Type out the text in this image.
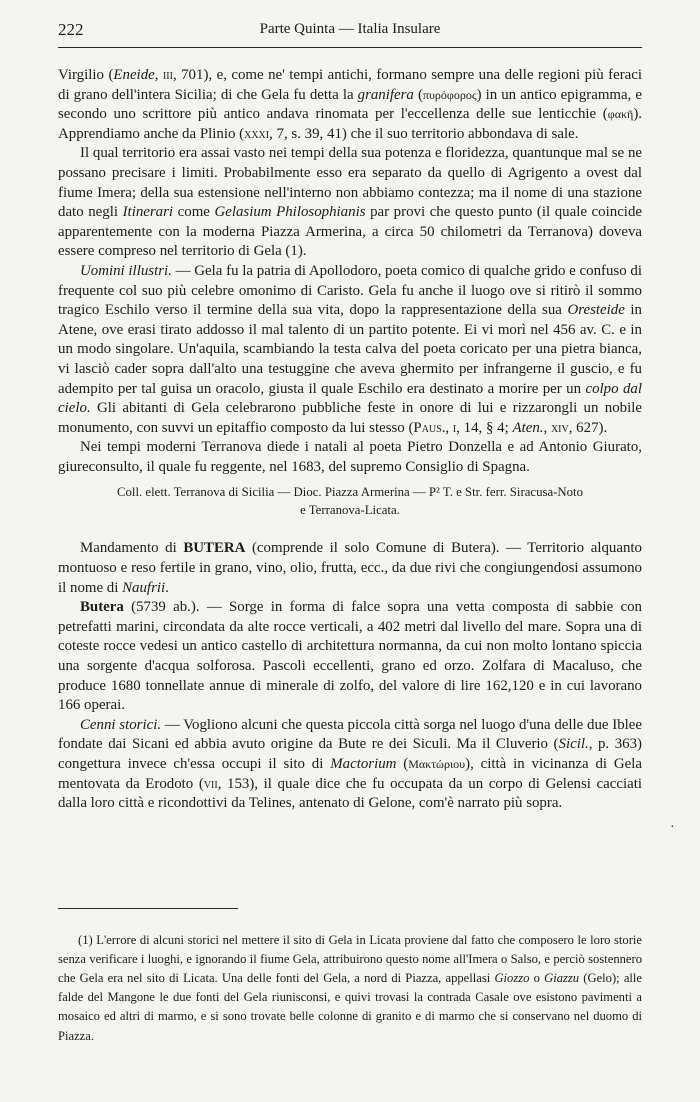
222	Parte Quinta — Italia Insulare

Virgilio (Eneide, iii, 701), e, come ne' tempi antichi, formano sempre una delle regioni più feraci di grano dell'intera Sicilia; di che Gela fu detta la granifera (πυρόφορος) in un antico epigramma, e secondo uno scrittore più antico andava rinomata per l'eccellenza delle sue lenticchie (φακῆ). Apprendiamo anche da Plinio (xxxi, 7, s. 39, 41) che il suo territorio abbondava di sale.

Il qual territorio era assai vasto nei tempi della sua potenza e floridezza, quantunque mal se ne possano precisare i limiti. Probabilmente esso era separato da quello di Agrigento a ovest dal fiume Imera; della sua estensione nell'interno non abbiamo contezza; ma il nome di una stazione dato negli Itinerari come Gelasium Philosophianis par provi che questo punto (il quale coincide apparentemente con la moderna Piazza Armerina, a circa 50 chilometri da Terranova) doveva essere compreso nel territorio di Gela (1).

Uomini illustri. — Gela fu la patria di Apollodoro, poeta comico di qualche grido e confuso di frequente col suo più celebre omonimo di Caristo. Gela fu anche il luogo ove si ritirò il sommo tragico Eschilo verso il termine della sua vita, dopo la rappresentazione della sua Oresteide in Atene, ove erasi tirato addosso il mal talento di un partito potente. Ei vi morì nel 456 av. C. e in un modo singolare. Un'aquila, scambiando la testa calva del poeta coricato per una pietra bianca, vi lasciò cader sopra dall'alto una testuggine che aveva ghermito per infrangerne il guscio, e fu adempito per tal guisa un oracolo, giusta il quale Eschilo era destinato a morire per un colpo dal cielo. Gli abitanti di Gela celebrarono pubbliche feste in onore di lui e rizzarongli un nobile monumento, con suvvi un epitaffio composto da lui stesso (Paus., i, 14, § 4; Aten., xiv, 627).

Nei tempi moderni Terranova diede i natali al poeta Pietro Donzella e ad Antonio Giurato, giureconsulto, il quale fu reggente, nel 1683, del supremo Consiglio di Spagna.

Coll. elett. Terranova di Sicilia — Dioc. Piazza Armerina — P² T. e Str. ferr. Siracusa-Noto
e Terranova-Licata.

Mandamento di BUTERA (comprende il solo Comune di Butera). — Territorio alquanto montuoso e reso fertile in grano, vino, olio, frutta, ecc., da due rivi che congiungendosi assumono il nome di Naufrii.

Butera (5739 ab.). — Sorge in forma di falce sopra una vetta composta di sabbie con petrefatti marini, circondata da alte rocce verticali, a 402 metri dal livello del mare. Sopra una di coteste rocce vedesi un antico castello di architettura normanna, da cui non molto lontano spiccia una sorgente d'acqua solforosa. Pascoli eccellenti, grano ed orzo. Zolfara di Macaluso, che produce 1680 tonnellate annue di minerale di zolfo, del valore di lire 162,120 e in cui lavorano 166 operai.

Cenni storici. — Vogliono alcuni che questa piccola città sorga nel luogo d'una delle due Iblee fondate dai Sicani ed abbia avuto origine da Bute re dei Siculi. Ma il Cluverio (Sicil., p. 363) congettura invece ch'essa occupi il sito di Mactorium (Μακτώριου), città in vicinanza di Gela mentovata da Erodoto (vii, 153), il quale dice che fu occupata da un corpo di Gelensi cacciati dalla loro città e ricondottivi da Telines, antenato di Gelone, com'è narrato più sopra.

·

(1) L'errore di alcuni storici nel mettere il sito di Gela in Licata proviene dal fatto che composero le loro storie senza verificare i luoghi, e ignorando il fiume Gela, attribuirono questo nome all'Imera o Salso, e perciò sostennero che Gela era nel sito di Licata. Una delle fonti del Gela, a nord di Piazza, appellasi Giozzo o Giazzu (Gelo); alle falde del Mangone le due fonti del Gela riunisconsi, e quivi trovasi la contrada Casale ove esistono pavimenti a mosaico ed altri di marmo, e si sono trovate belle colonne di granito e di marmo che si conservano nel duomo di Piazza.
